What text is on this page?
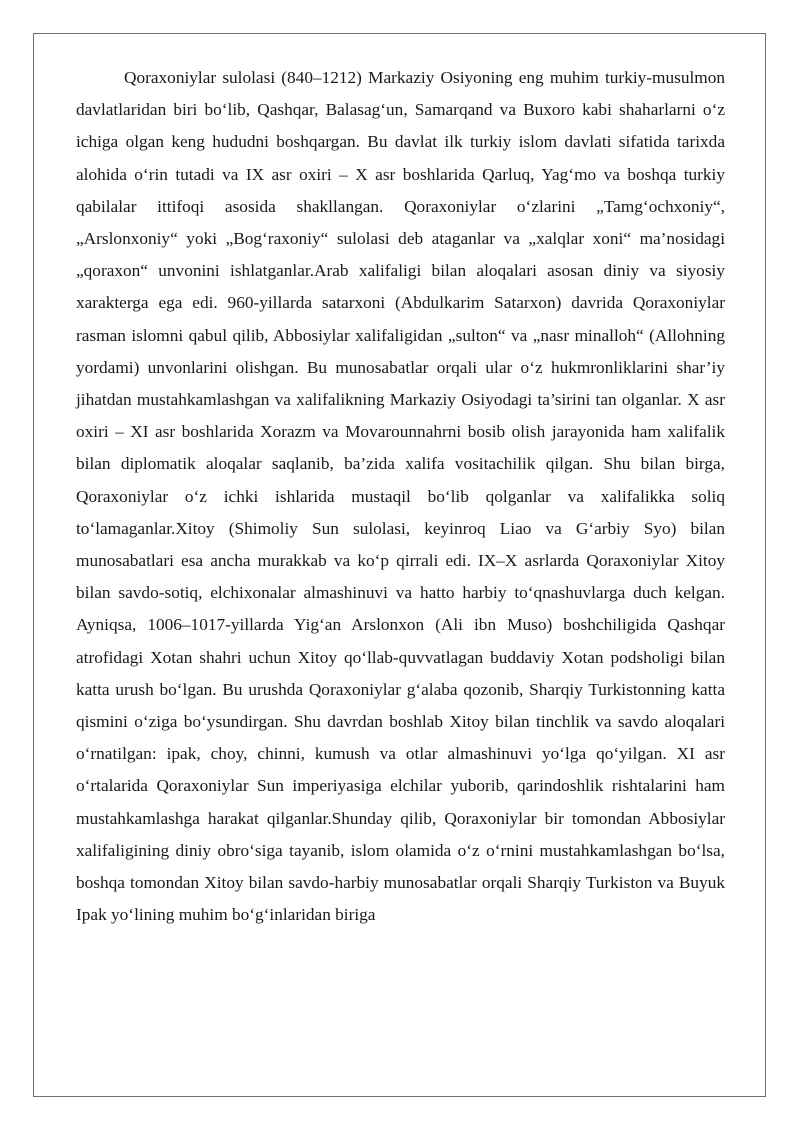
Qoraxoniylar sulolasi (840–1212) Markaziy Osiyoning eng muhim turkiy-musulmon davlatlaridan biri bo‘lib, Qashqar, Balasag‘un, Samarqand va Buxoro kabi shaharlarni o‘z ichiga olgan keng hududni boshqargan. Bu davlat ilk turkiy islom davlati sifatida tarixda alohida o‘rin tutadi va IX asr oxiri – X asr boshlarida Qarluq, Yag‘mo va boshqa turkiy qabilalar ittifoqi asosida shakllangan. Qoraxoniylar o‘zlarini „Tamg‘ochxoniy“, „Arslonxoniy“ yoki „Bog‘raxoniy“ sulolasi deb ataganlar va „xalqlar xoni“ ma’nosidagi „qoraxon“ unvonini ishlatganlar.Arab xalifaligi bilan aloqalari asosan diniy va siyosiy xarakterga ega edi. 960-yillarda satarxoni (Abdulkarim Satarxon) davrida Qoraxoniylar rasman islomni qabul qilib, Abbosiylar xalifaligidan „sulton“ va „nasr minalloh“ (Allohning yordami) unvonlarini olishgan. Bu munosabatlar orqali ular o‘z hukmronliklarini shar’iy jihatdan mustahkamlashgan va xalifalikning Markaziy Osiyodagi ta’sirini tan olganlar. X asr oxiri – XI asr boshlarida Xorazm va Movarounnahrni bosib olish jarayonida ham xalifalik bilan diplomatik aloqalar saqlanib, ba’zida xalifa vositachilik qilgan. Shu bilan birga, Qoraxoniylar o‘z ichki ishlarida mustaqil bo‘lib qolganlar va xalifalikka soliq to‘lamaganlar.Xitoy (Shimoliy Sun sulolasi, keyinroq Liao va G‘arbiy Syo) bilan munosabatlari esa ancha murakkab va ko‘p qirrali edi. IX–X asrlarda Qoraxoniylar Xitoy bilan savdo-sotiq, elchixonalar almashinuvi va hatto harbiy to‘qnashuvlarga duch kelgan. Ayniqsa, 1006–1017-yillarda Yig‘an Arslonxon (Ali ibn Muso) boshchiligida Qashqar atrofidagi Xotan shahri uchun Xitoy qo‘llab-quvvatlagan buddaviy Xotan podsholigi bilan katta urush bo‘lgan. Bu urushda Qoraxoniylar g‘alaba qozonib, Sharqiy Turkistonning katta qismini o‘ziga bo‘ysundirgan. Shu davrdan boshlab Xitoy bilan tinchlik va savdo aloqalari o‘rnatilgan: ipak, choy, chinni, kumush va otlar almashinuvi yo‘lga qo‘yilgan. XI asr o‘rtalarida Qoraxoniylar Sun imperiyasiga elchilar yuborib, qarindoshlik rishtalarini ham mustahkamlashga harakat qilganlar.Shunday qilib, Qoraxoniylar bir tomondan Abbosiylar xalifaligining diniy obro‘siga tayanib, islom olamida o‘z o‘rnini mustahkamlashgan bo‘lsa, boshqa tomondan Xitoy bilan savdo-harbiy munosabatlar orqali Sharqiy Turkiston va Buyuk Ipak yo‘lining muhim bo‘g‘inlaridan biriga
